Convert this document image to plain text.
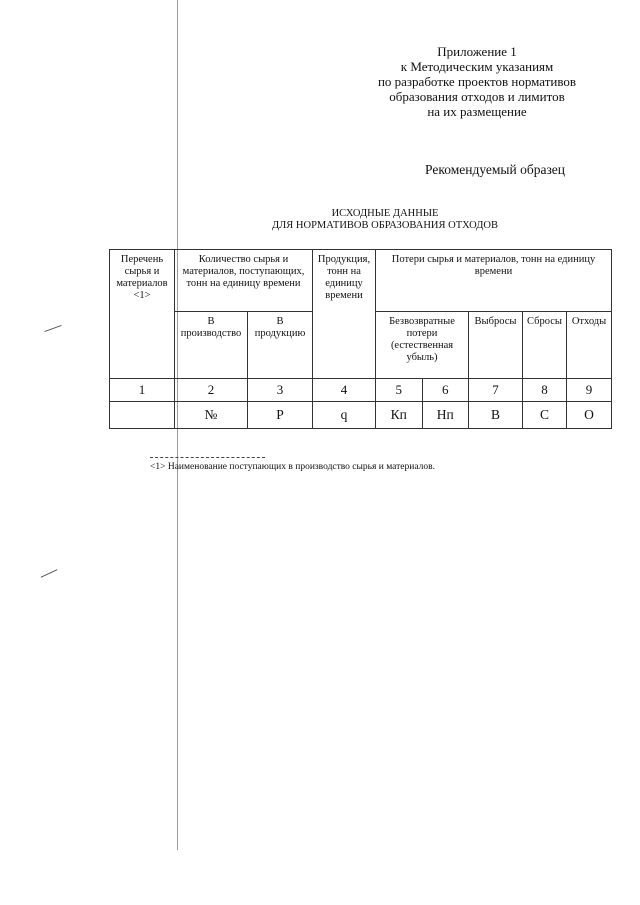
Приложение 1
к Методическим указаниям
по разработке проектов нормативов
образования отходов и лимитов
на их размещение
Рекомендуемый образец
ИСХОДНЫЕ ДАННЫЕ
ДЛЯ НОРМАТИВОВ ОБРАЗОВАНИЯ ОТХОДОВ
Перечень сырья и материалов <1>	Количество сырья и материалов, поступающих, тонн на единицу времени		Продукция, тонн на единицу времени	Потери сырья и материалов, тонн на единицу времени				
	В производство	В продукцию		Безвозвратные потери (естественная убыль)		Выбросы	Сбросы	Отходы
1	2	3	4	5	6	7	8	9
	№	P	q	Кп	Нп	В	С	О
<1> Наименование поступающих в производство сырья и материалов.
